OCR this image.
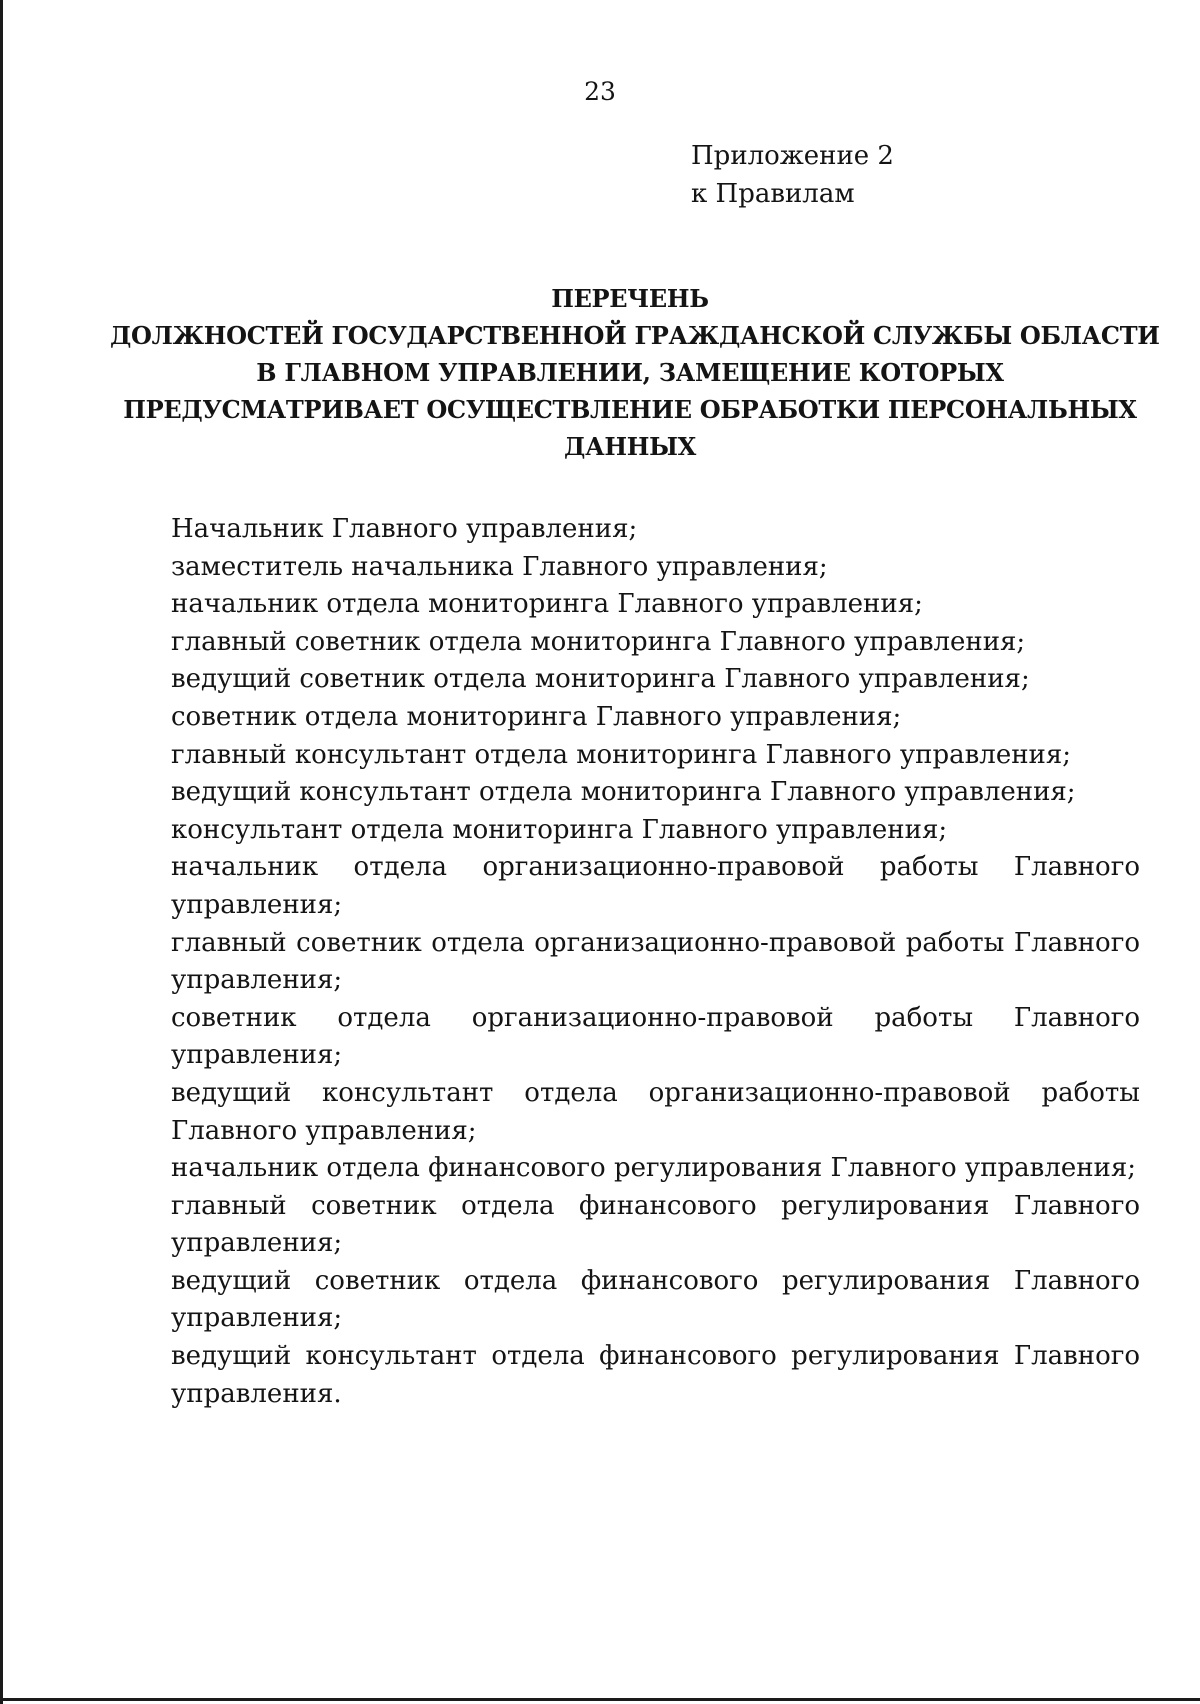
23

Приложение 2
к Правилам
ПЕРЕЧЕНЬ
ДОЛЖНОСТЕЙ ГОСУДАРСТВЕННОЙ ГРАЖДАНСКОЙ СЛУЖБЫ ОБЛАСТИ
В ГЛАВНОМ УПРАВЛЕНИИ, ЗАМЕЩЕНИЕ КОТОРЫХ
ПРЕДУСМАТРИВАЕТ ОСУЩЕСТВЛЕНИЕ ОБРАБОТКИ ПЕРСОНАЛЬНЫХ
ДАННЫХ
Начальник Главного управления;
заместитель начальника Главного управления;
начальник отдела мониторинга Главного управления;
главный советник отдела мониторинга Главного управления;
ведущий советник отдела мониторинга Главного управления;
советник отдела мониторинга Главного управления;
главный консультант отдела мониторинга Главного управления;
ведущий консультант отдела мониторинга Главного управления;
консультант отдела мониторинга Главного управления;
начальник отдела организационно-правовой работы Главного управления;
главный советник отдела организационно-правовой работы Главного управления;
советник отдела организационно-правовой работы Главного управления;
ведущий консультант отдела организационно-правовой работы Главного управления;
начальник отдела финансового регулирования Главного управления;
главный советник отдела финансового регулирования Главного управления;
ведущий советник отдела финансового регулирования Главного управления;
ведущий консультант отдела финансового регулирования Главного управления.
